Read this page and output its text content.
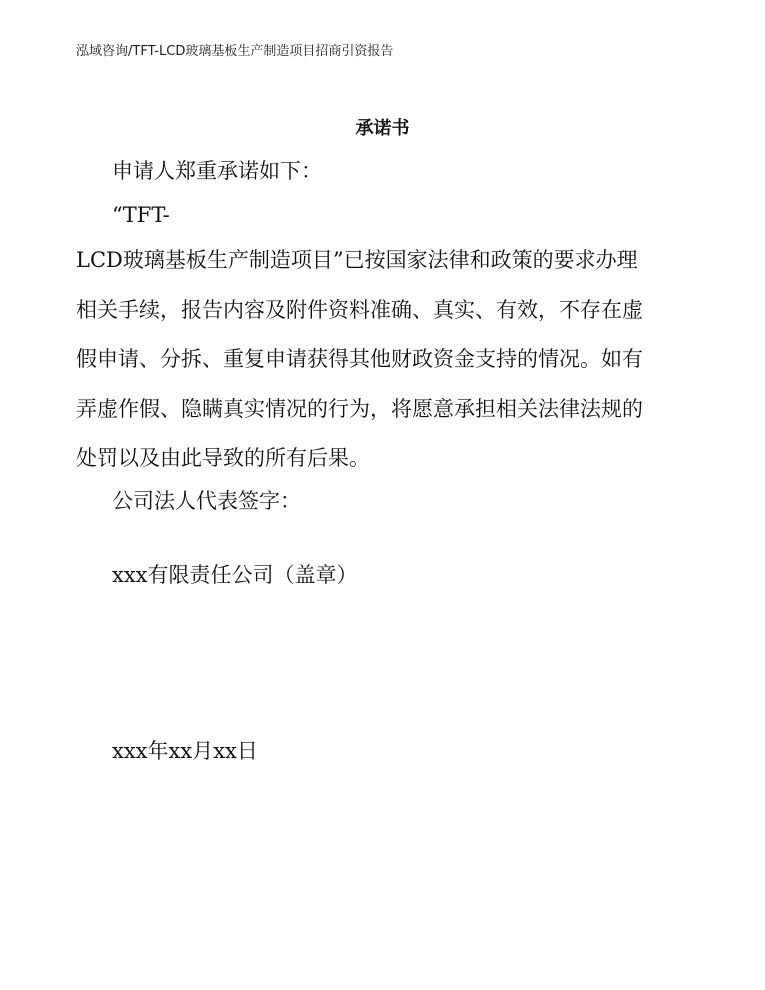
泓域咨询/TFT-LCD玻璃基板生产制造项目招商引资报告
承诺书
申请人郑重承诺如下：
“TFT-
LCD玻璃基板生产制造项目”已按国家法律和政策的要求办理
相关手续，报告内容及附件资料准确、真实、有效，不存在虚
假申请、分拆、重复申请获得其他财政资金支持的情况。如有
弄虚作假、隐瞒真实情况的行为，将愿意承担相关法律法规的
处罚以及由此导致的所有后果。
公司法人代表签字：
xxx有限责任公司（盖章）
xxx年xx月xx日
